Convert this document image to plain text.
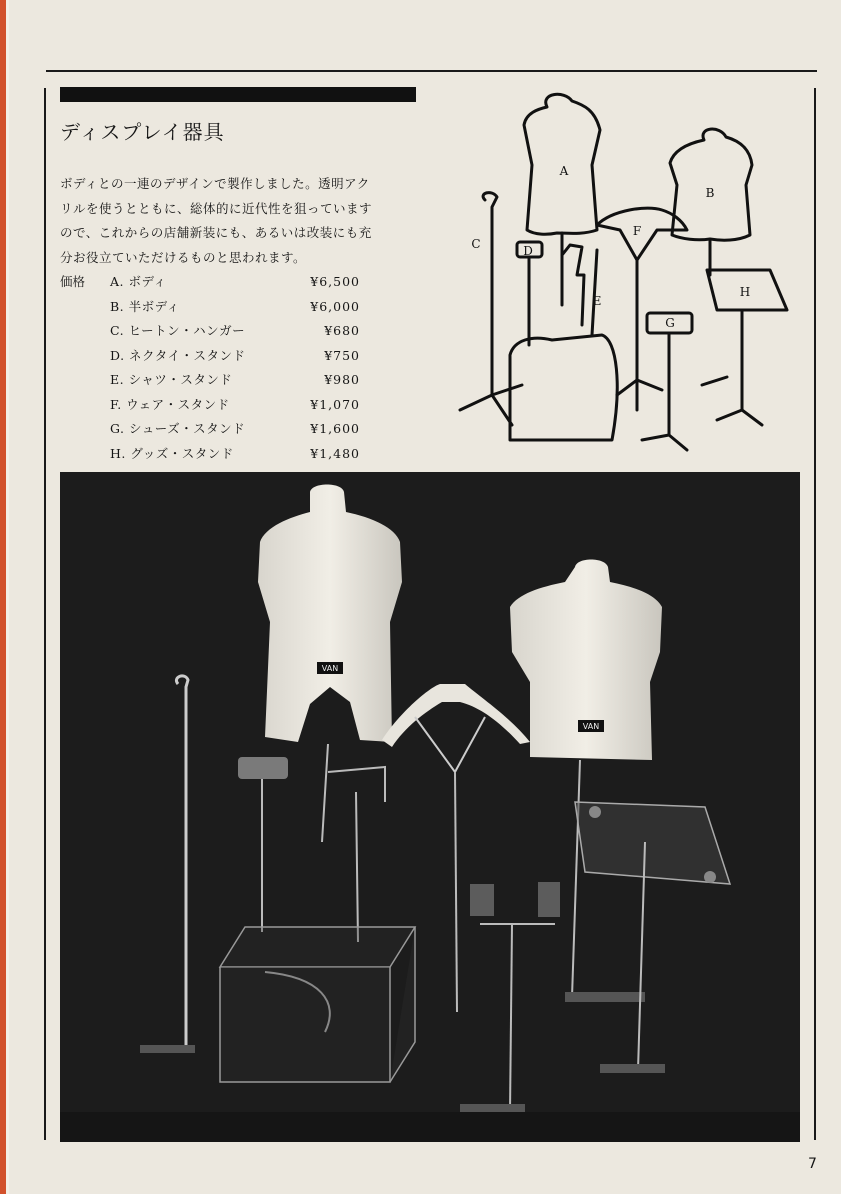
ディスプレイ器具

ボディとの一連のデザインで製作しました。透明アク
リルを使うとともに、総体的に近代性を狙っています
ので、これからの店舗新装にも、あるいは改装にも充
分お役立ていただけるものと思われます。

価格 A. ボディ	¥6,500
B. 半ボディ	¥6,000
C. ヒートン・ハンガー	¥680
D. ネクタイ・スタンド	¥750
E. シャツ・スタンド	¥980
F. ウェア・スタンド	¥1,070
G. シューズ・スタンド	¥1,600
H. グッズ・スタンド	¥1,480
A
B
C	D
E
F
G
H
VAN
VAN
7
